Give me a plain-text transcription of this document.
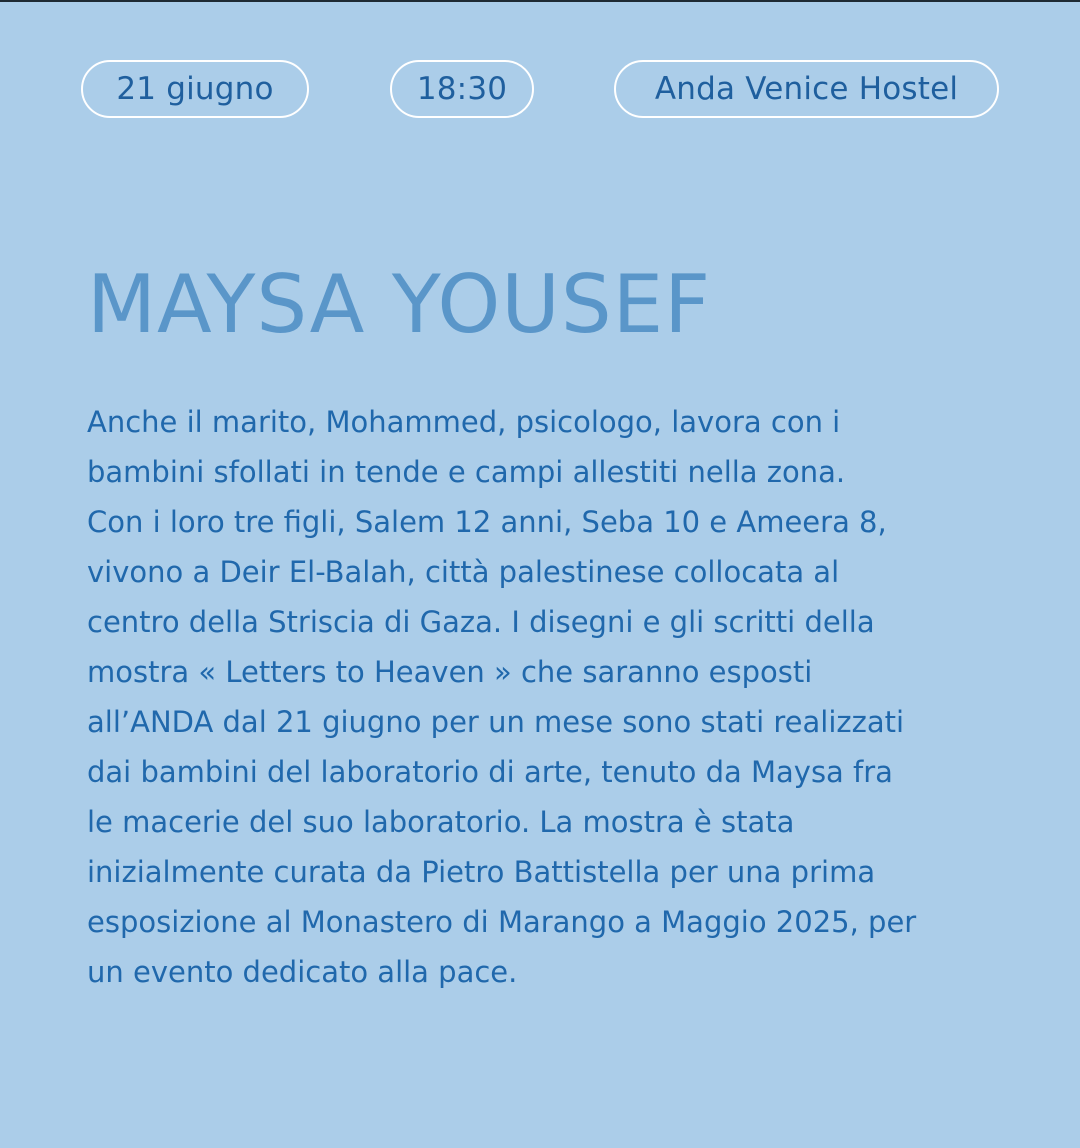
21 giugno	18:30	Anda Venice Hostel
MAYSA YOUSEF
Anche il marito, Mohammed, psicologo, lavora con i
bambini sfollati in tende e campi allestiti nella zona.
Con i loro tre figli, Salem 12 anni, Seba 10 e Ameera 8,
vivono a Deir El-Balah, città palestinese collocata al
centro della Striscia di Gaza. I disegni e gli scritti della
mostra « Letters to Heaven » che saranno esposti
all’ANDA dal 21 giugno per un mese sono stati realizzati
dai bambini del laboratorio di arte, tenuto da Maysa fra
le macerie del suo laboratorio. La mostra è stata
inizialmente curata da Pietro Battistella per una prima
esposizione al Monastero di Marango a Maggio 2025, per
un evento dedicato alla pace.
